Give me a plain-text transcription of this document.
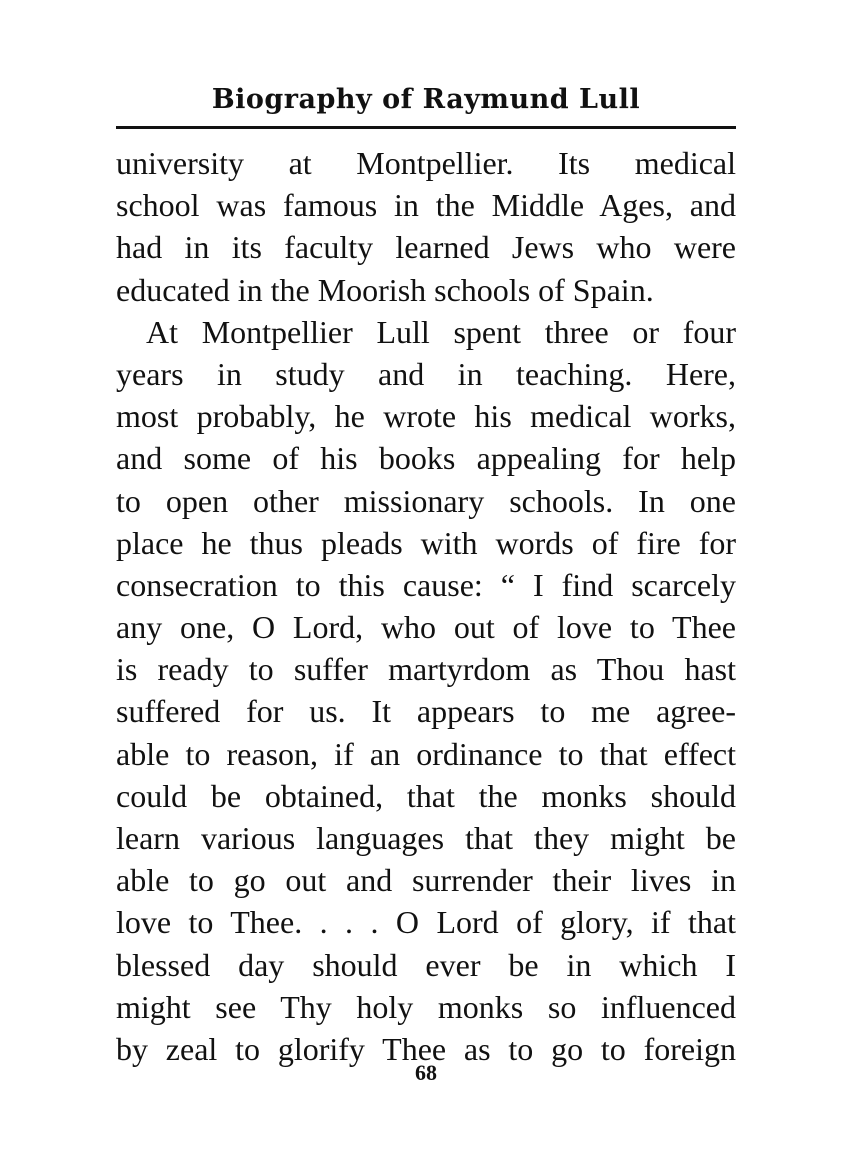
Biography of Raymund Lull
university at Montpellier. Its medical
school was famous in the Middle Ages, and
had in its faculty learned Jews who were
educated in the Moorish schools of Spain.
At Montpellier Lull spent three or four
years in study and in teaching. Here,
most probably, he wrote his medical works,
and some of his books appealing for help
to open other missionary schools. In one
place he thus pleads with words of fire for
consecration to this cause: “ I find scarcely
any one, O Lord, who out of love to Thee
is ready to suffer martyrdom as Thou hast
suffered for us. It appears to me agree-
able to reason, if an ordinance to that effect
could be obtained, that the monks should
learn various languages that they might be
able to go out and surrender their lives in
love to Thee. . . . O Lord of glory, if that
blessed day should ever be in which I
might see Thy holy monks so influenced
by zeal to glorify Thee as to go to foreign
68
